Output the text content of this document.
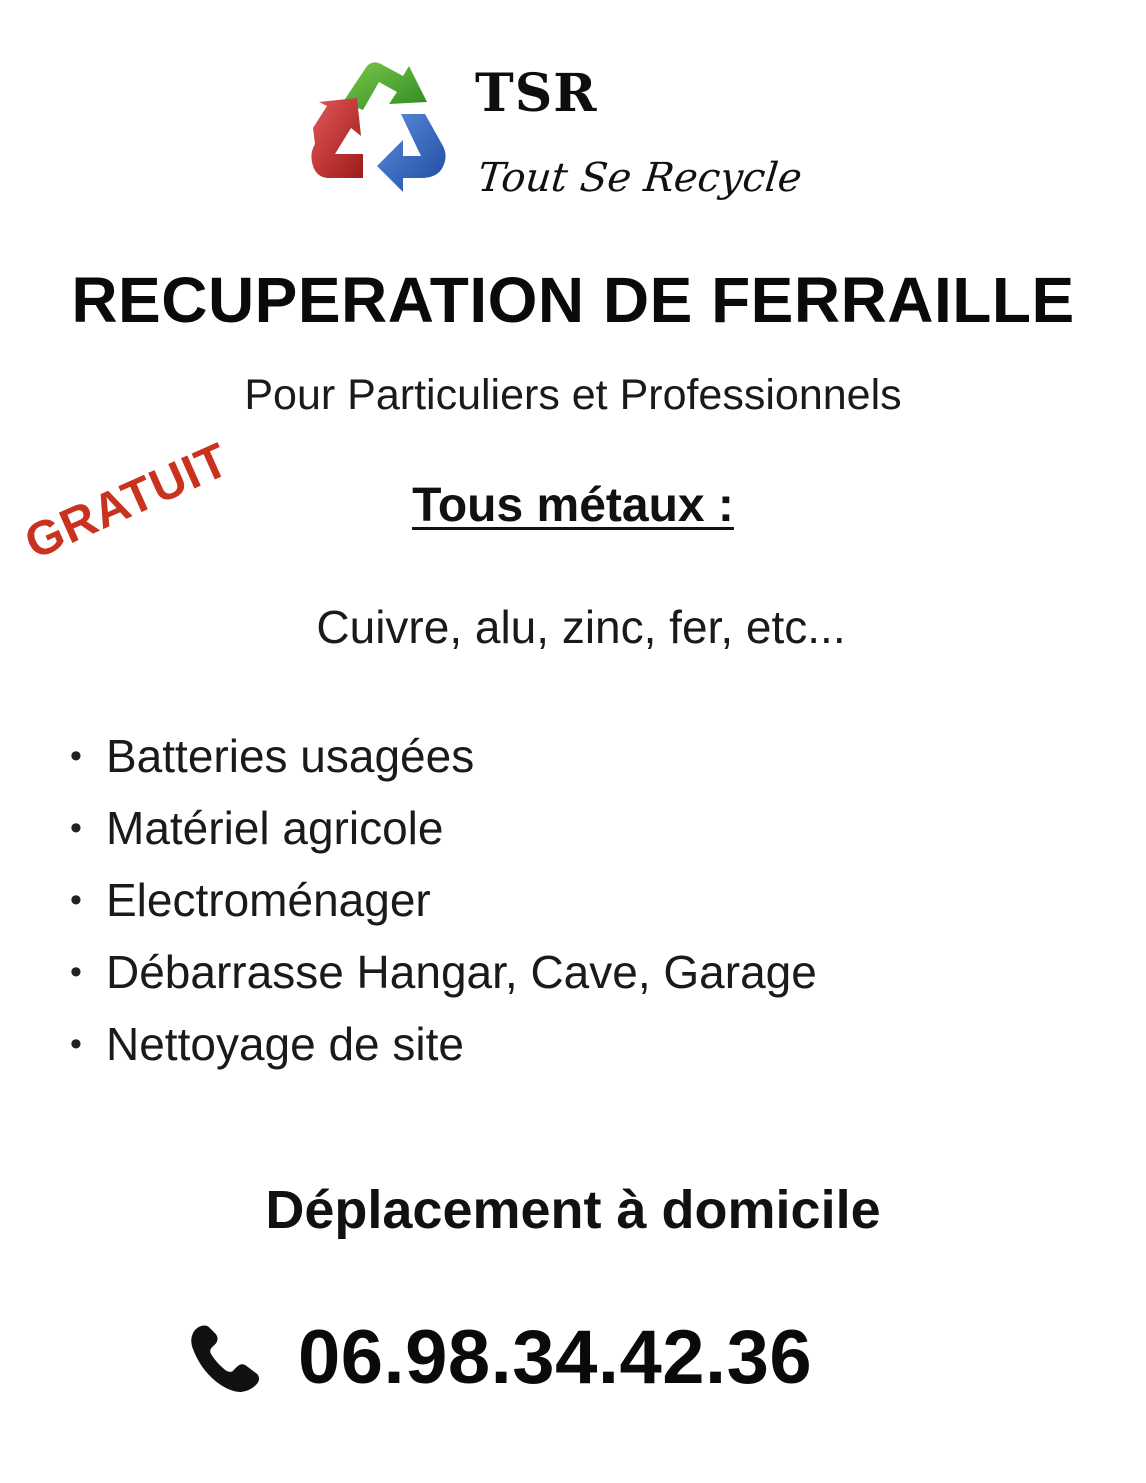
TSR
Tout Se Recycle
RECUPERATION DE FERRAILLE
Pour Particuliers et Professionnels
GRATUIT	Tous métaux :
Cuivre, alu, zinc, fer, etc...
• Batteries usagées
• Matériel agricole
• Electroménager
• Débarrasse Hangar, Cave, Garage
• Nettoyage de site
Déplacement à domicile
06.98.34.42.36
